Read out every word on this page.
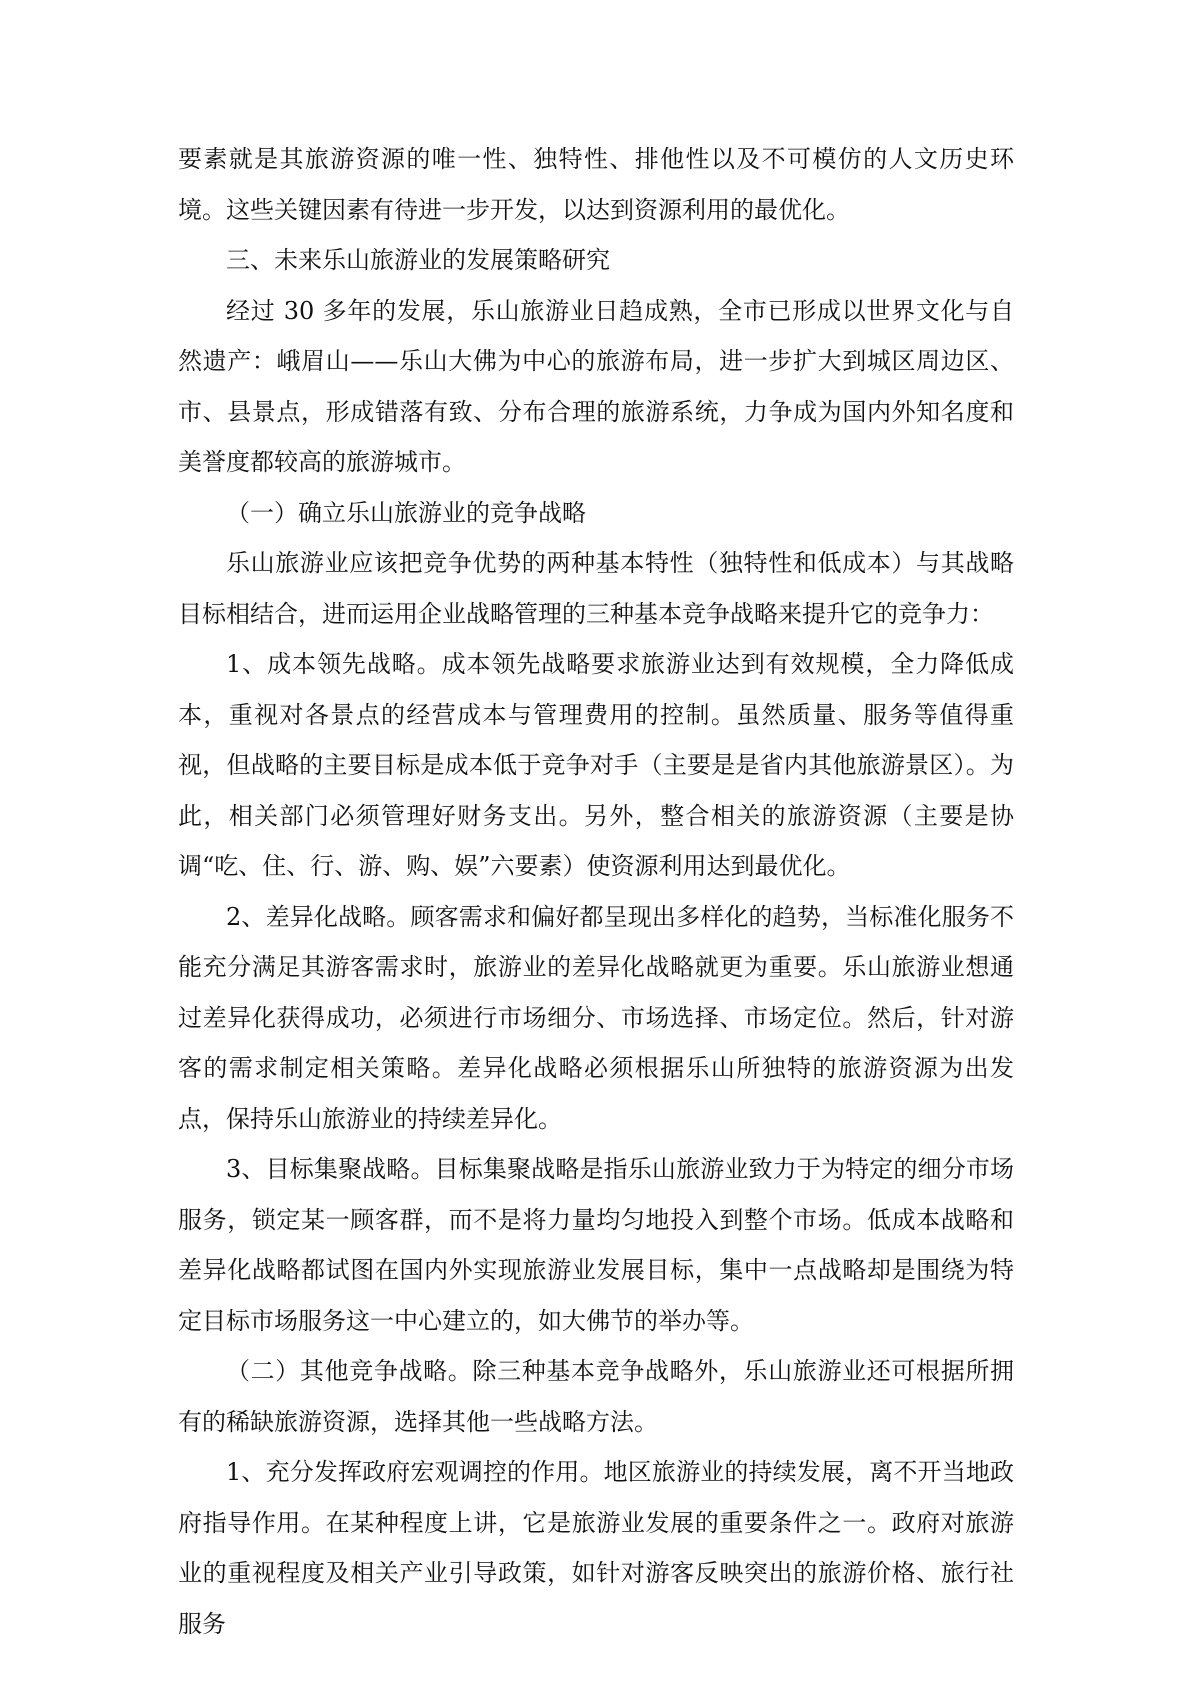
要素就是其旅游资源的唯一性、独特性、排他性以及不可模仿的人文历史环境。这些关键因素有待进一步开发，以达到资源利用的最优化。

三、未来乐山旅游业的发展策略研究

经过 30 多年的发展，乐山旅游业日趋成熟，全市已形成以世界文化与自然遗产：峨眉山——乐山大佛为中心的旅游布局，进一步扩大到城区周边区、市、县景点，形成错落有致、分布合理的旅游系统，力争成为国内外知名度和美誉度都较高的旅游城市。

（一）确立乐山旅游业的竞争战略

乐山旅游业应该把竞争优势的两种基本特性（独特性和低成本）与其战略目标相结合，进而运用企业战略管理的三种基本竞争战略来提升它的竞争力：

1、成本领先战略。成本领先战略要求旅游业达到有效规模，全力降低成本，重视对各景点的经营成本与管理费用的控制。虽然质量、服务等值得重视，但战略的主要目标是成本低于竞争对手（主要是是省内其他旅游景区）。为此，相关部门必须管理好财务支出。另外，整合相关的旅游资源（主要是协调“吃、住、行、游、购、娱”六要素）使资源利用达到最优化。

2、差异化战略。顾客需求和偏好都呈现出多样化的趋势，当标准化服务不能充分满足其游客需求时，旅游业的差异化战略就更为重要。乐山旅游业想通过差异化获得成功，必须进行市场细分、市场选择、市场定位。然后，针对游客的需求制定相关策略。差异化战略必须根据乐山所独特的旅游资源为出发点，保持乐山旅游业的持续差异化。

3、目标集聚战略。目标集聚战略是指乐山旅游业致力于为特定的细分市场服务，锁定某一顾客群，而不是将力量均匀地投入到整个市场。低成本战略和差异化战略都试图在国内外实现旅游业发展目标，集中一点战略却是围绕为特定目标市场服务这一中心建立的，如大佛节的举办等。

（二）其他竞争战略。除三种基本竞争战略外，乐山旅游业还可根据所拥有的稀缺旅游资源，选择其他一些战略方法。

1、充分发挥政府宏观调控的作用。地区旅游业的持续发展，离不开当地政府指导作用。在某种程度上讲，它是旅游业发展的重要条件之一。政府对旅游业的重视程度及相关产业引导政策，如针对游客反映突出的旅游价格、旅行社服务
